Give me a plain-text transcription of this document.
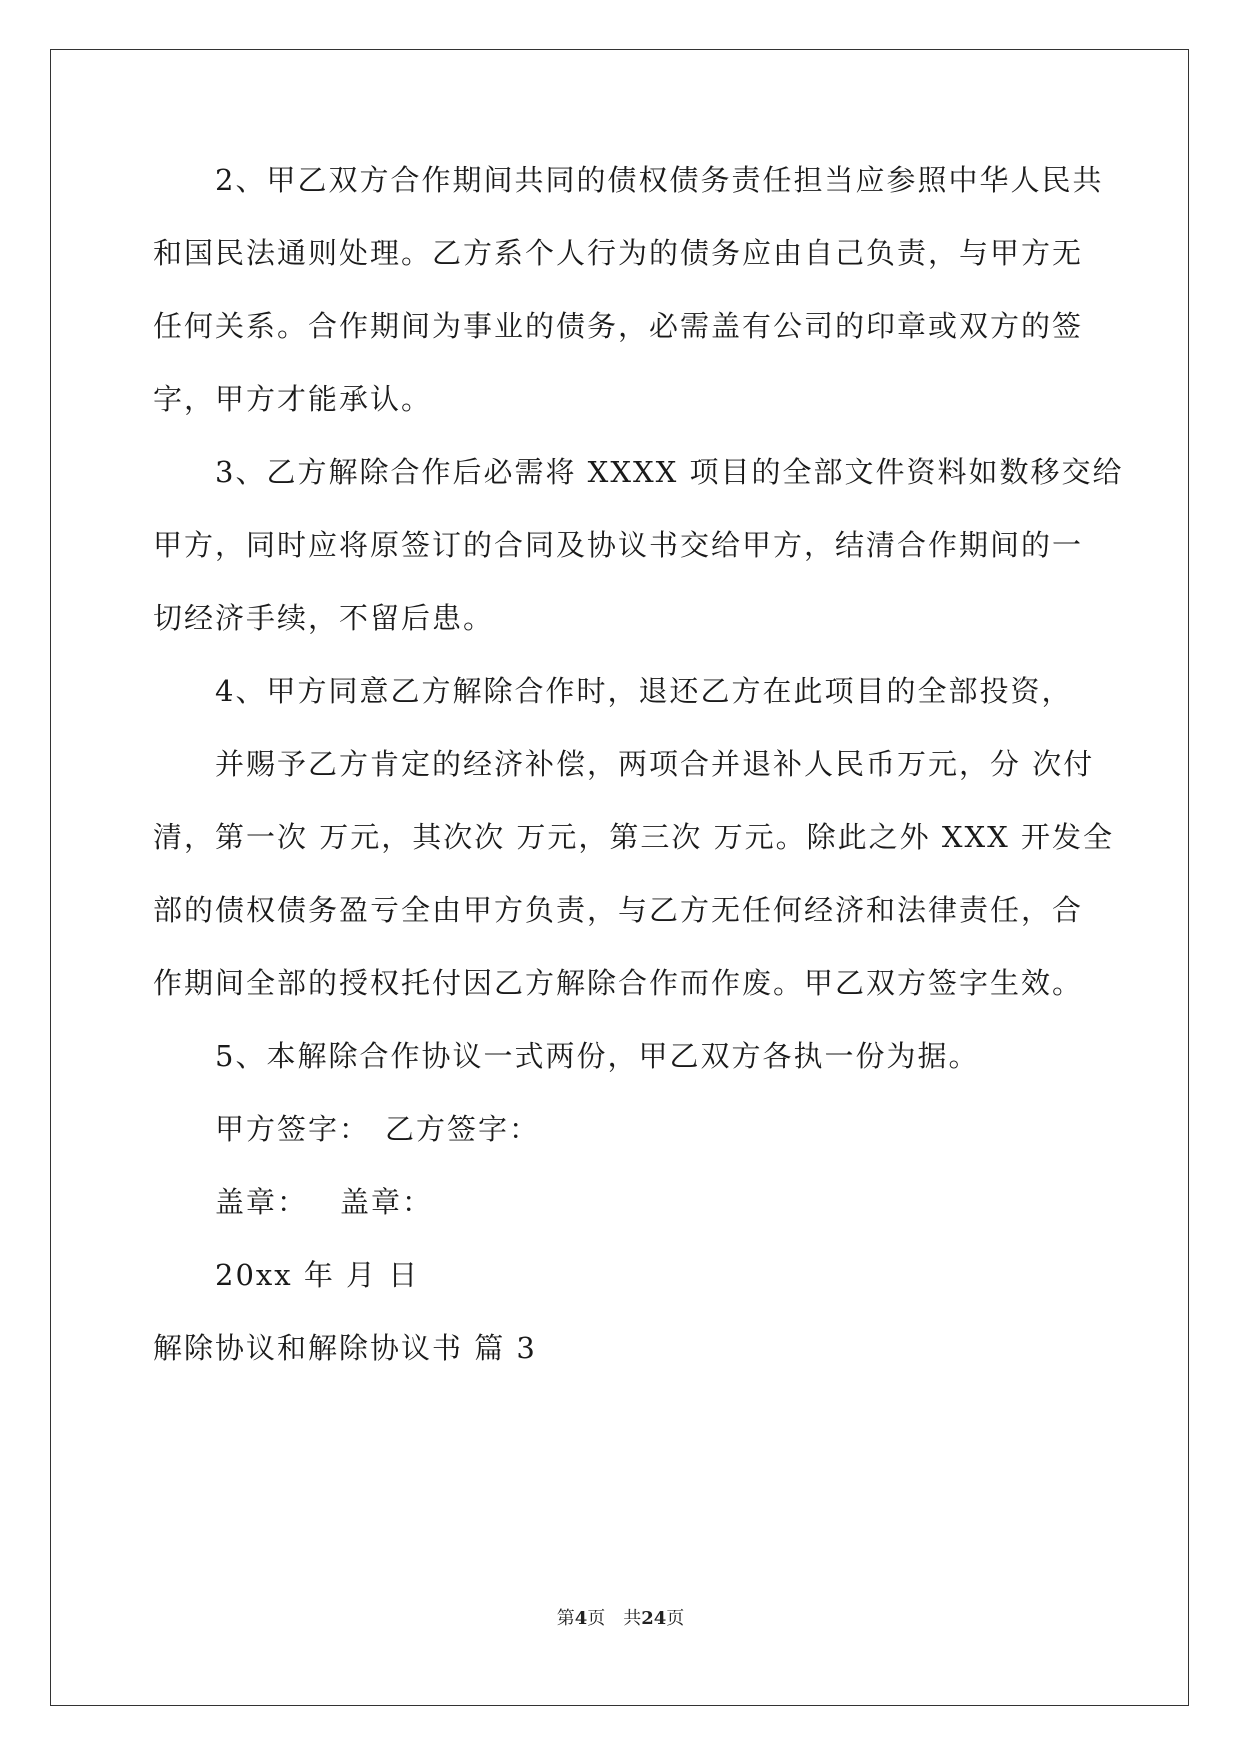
2、甲乙双方合作期间共同的债权债务责任担当应参照中华人民共
和国民法通则处理。乙方系个人行为的债务应由自己负责，与甲方无
任何关系。合作期间为事业的债务，必需盖有公司的印章或双方的签
字，甲方才能承认。
3、乙方解除合作后必需将 XXXX 项目的全部文件资料如数移交给
甲方，同时应将原签订的合同及协议书交给甲方，结清合作期间的一
切经济手续，不留后患。
4、甲方同意乙方解除合作时，退还乙方在此项目的全部投资，
并赐予乙方肯定的经济补偿，两项合并退补人民币万元，分 次付
清，第一次 万元，其次次 万元，第三次 万元。除此之外 XXX 开发全
部的债权债务盈亏全由甲方负责，与乙方无任何经济和法律责任，合
作期间全部的授权托付因乙方解除合作而作废。甲乙双方签字生效。
5、本解除合作协议一式两份，甲乙双方各执一份为据。
甲方签字： 乙方签字：
盖章： 盖章：
20xx 年 月 日
解除协议和解除协议书 篇 3
第4页 共24页
